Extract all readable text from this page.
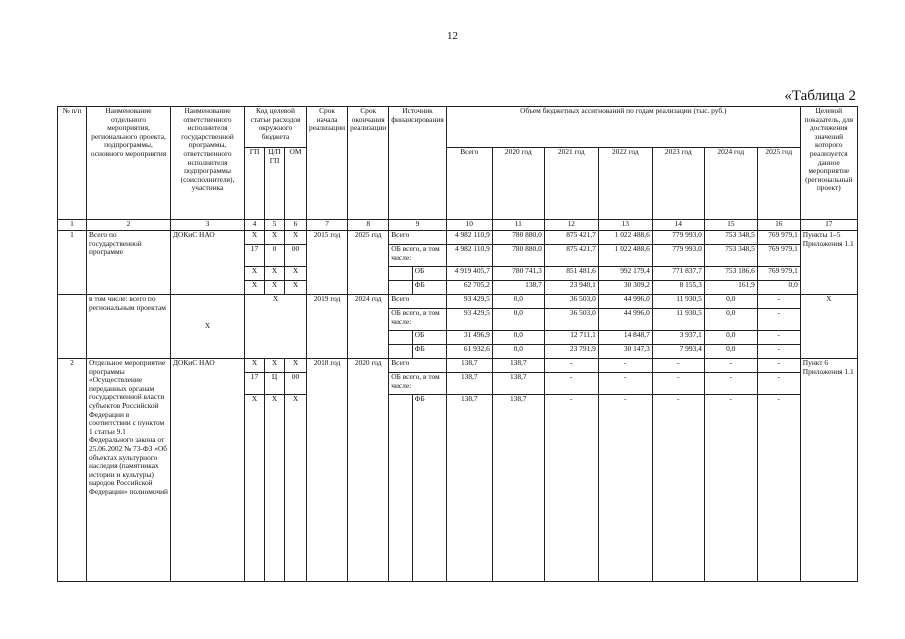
12
«Таблица 2
№ п/п	Наименование отдельного мероприятия, регионального проекта, подпрограммы, основного мероприятия	Наименование ответственного исполнителя государственной программы, ответственного исполнителя подпрограммы (соисполнителя), участника	Код целевой статьи расходов окружного бюджета			Срок начала реализации	Срок окончания реализации	Источник финансирования		Объем бюджетных ассигнований по годам реализации (тыс. руб.)							Целевой показатель, для достижения значений которого реализуется данное мероприятие (региональный проект)
			ГП	Ц/П ГП	ОМ					Всего	2020 год	2021 год	2022 год	2023 год	2024 год	2025 год	
1	2	3	4	5	6	7	8	9		10	11	12	13	14	15	16	17
1	Всего по государственной программе	ДОКиС НАО	Х	Х	Х	2015 год	2025 год	Всего		4 982 110,9	780 880,0	875 421,7	1 022 488,6	779 993,0	753 348,5	769 979,1	Пункты 1–5 Приложения 1.1
			17	0	00			ОБ всего, в том числе:		4 982 110,9	780 880,0	875 421,7	1 022 488,6	779 993,0	753 348,5	769 979,1	
			Х	Х	Х				ОБ	4 919 405,7	780 741,3	851 481,6	992 179,4	771 837,7	753 186,6	769 979,1	
			Х	Х	Х				ФБ	62 705,2	138,7	23 940,1	30 309,2	8 155,3	161,9	0,0	
	в том числе: всего по региональным проектам	Х	Х			2019 год	2024 год	Всего		93 429,5	0,0	36 503,0	44 996,0	11 930,5	0,0	-	Х
								ОБ всего, в том числе:		93 429,5	0,0	36 503,0	44 996,0	11 930,5	0,0	-	
									ОБ	31 496,9	0,0	12 711,1	14 848,7	3 937,1	0,0	-	
									ФБ	61 932,6	0,0	23 791,9	30 147,3	7 993,4	0,0	-	
2	Отдельное мероприятие программы «Осуществление переданных органам государственной власти субъектов Российской Федерации в соответствии с пунктом 1 статьи 9.1 Федерального закона от 25.06.2002 № 73-ФЗ «Об объектах культурного наследия (памятниках истории и культуры) народов Российской Федерации» полномочий	ДОКиС НАО	Х	Х	Х	2018 год	2020 год	Всего		138,7	138,7	-	-	-	-	-	Пункт 6 Приложения 1.1
			17	Ц	00			ОБ всего, в том числе:		138,7	138,7	-	-	-	-	-	
			Х	Х	Х				ФБ	138,7	138,7	-	-	-	-	-	
